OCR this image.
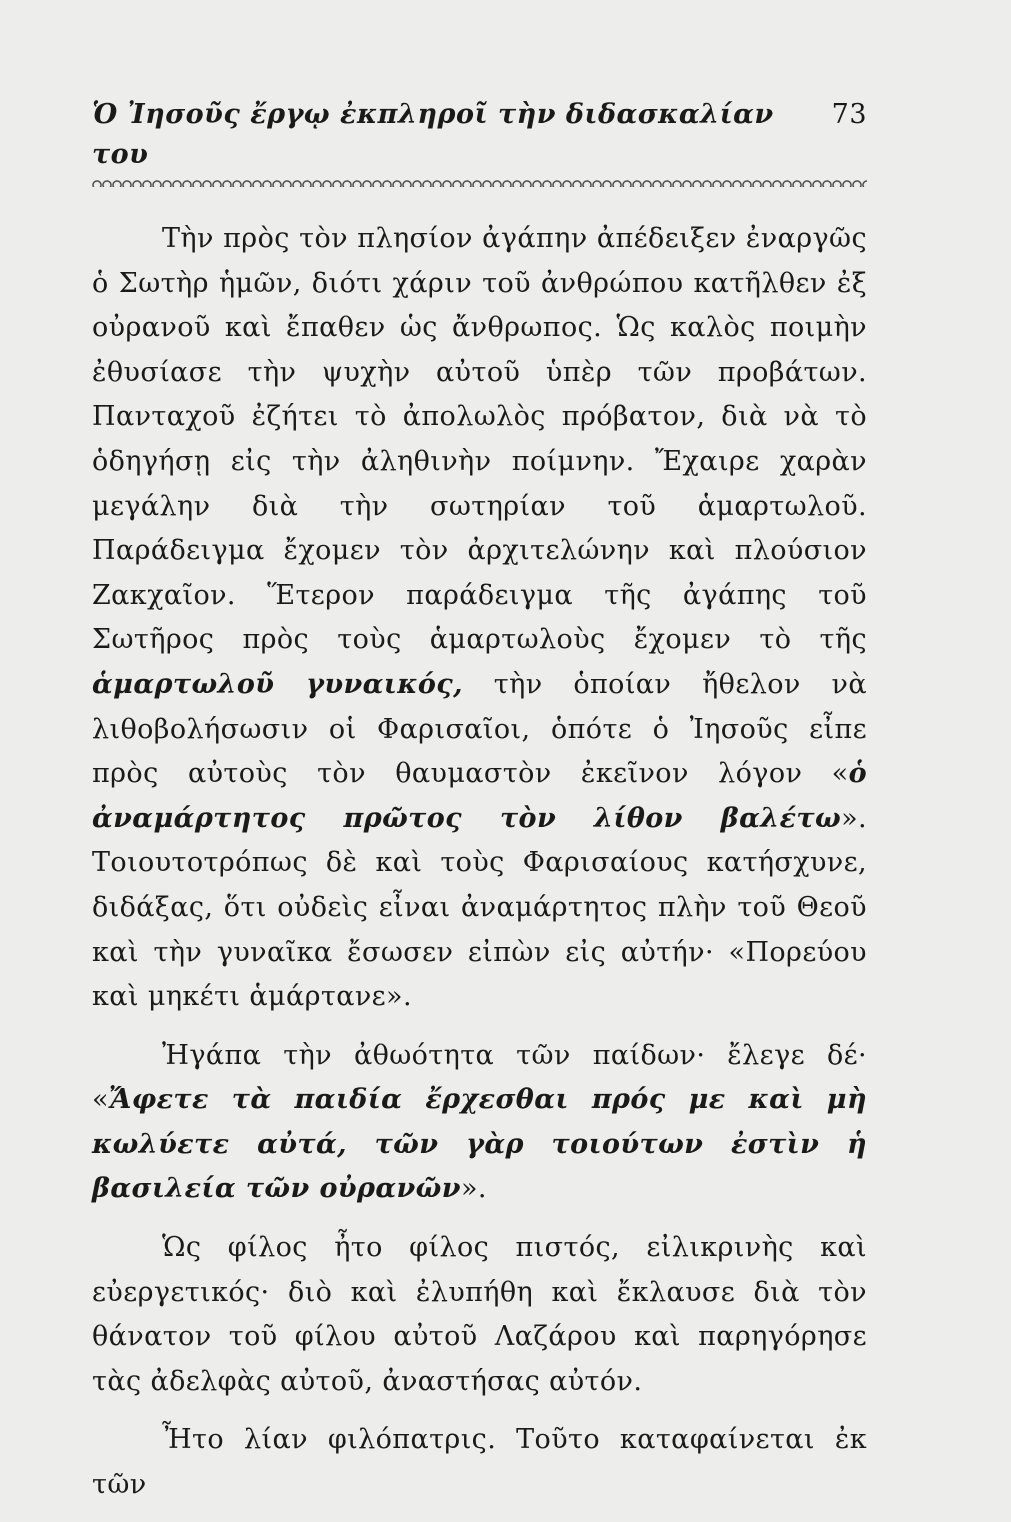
Ὁ Ἰησοῦς ἔργῳ ἐκπληροῖ τὴν διδασκαλίαν του
73

Τὴν πρὸς τὸν πλησίον ἀγάπην ἀπέδειξεν ἐναργῶς ὁ Σωτὴρ ἡμῶν, διότι χάριν τοῦ ἀνθρώπου κατῆλθεν ἐξ οὐρανοῦ καὶ ἔπαθεν ὡς ἄνθρωπος. Ὡς καλὸς ποιμὴν ἐθυσίασε τὴν ψυχὴν αὐτοῦ ὑπὲρ τῶν προβάτων. Πανταχοῦ ἐζήτει τὸ ἀπολωλὸς πρόβατον, διὰ νὰ τὸ ὁδηγήσῃ εἰς τὴν ἀληθινὴν ποίμνην. Ἔχαιρε χαρὰν μεγάλην διὰ τὴν σωτηρίαν τοῦ ἁμαρτωλοῦ. Παράδειγμα ἔχομεν τὸν ἀρχιτελώνην καὶ πλούσιον Ζακχαῖον. Ἕτερον παράδειγμα τῆς ἀγάπης τοῦ Σωτῆρος πρὸς τοὺς ἁμαρτωλοὺς ἔχομεν τὸ τῆς ἁμαρτωλοῦ γυναικός, τὴν ὁποίαν ἤθελον νὰ λιθοβολήσωσιν οἱ Φαρισαῖοι, ὁπότε ὁ Ἰησοῦς εἶπε πρὸς αὐτοὺς τὸν θαυμαστὸν ἐκεῖνον λόγον «ὁ ἀναμάρτητος πρῶτος τὸν λίθον βαλέτω». Τοιουτοτρόπως δὲ καὶ τοὺς Φαρισαίους κατήσχυνε, διδάξας, ὅτι οὐδεὶς εἶναι ἀναμάρτητος πλὴν τοῦ Θεοῦ καὶ τὴν γυναῖκα ἔσωσεν εἰπὼν εἰς αὐτήν· «Πορεύου καὶ μηκέτι ἁμάρτανε».

Ἠγάπα τὴν ἀθωότητα τῶν παίδων· ἔλεγε δέ· «Ἄφετε τὰ παιδία ἔρχεσθαι πρός με καὶ μὴ κωλύετε αὐτά, τῶν γὰρ τοιούτων ἐστὶν ἡ βασιλεία τῶν οὐρανῶν».

Ὡς φίλος ἦτο φίλος πιστός, εἰλικρινὴς καὶ εὐεργετικός· διὸ καὶ ἐλυπήθη καὶ ἔκλαυσε διὰ τὸν θάνατον τοῦ φίλου αὐτοῦ Λαζάρου καὶ παρηγόρησε τὰς ἀδελφὰς αὐτοῦ, ἀναστήσας αὐτόν.

Ἦτο λίαν φιλόπατρις. Τοῦτο καταφαίνεται ἐκ τῶν
